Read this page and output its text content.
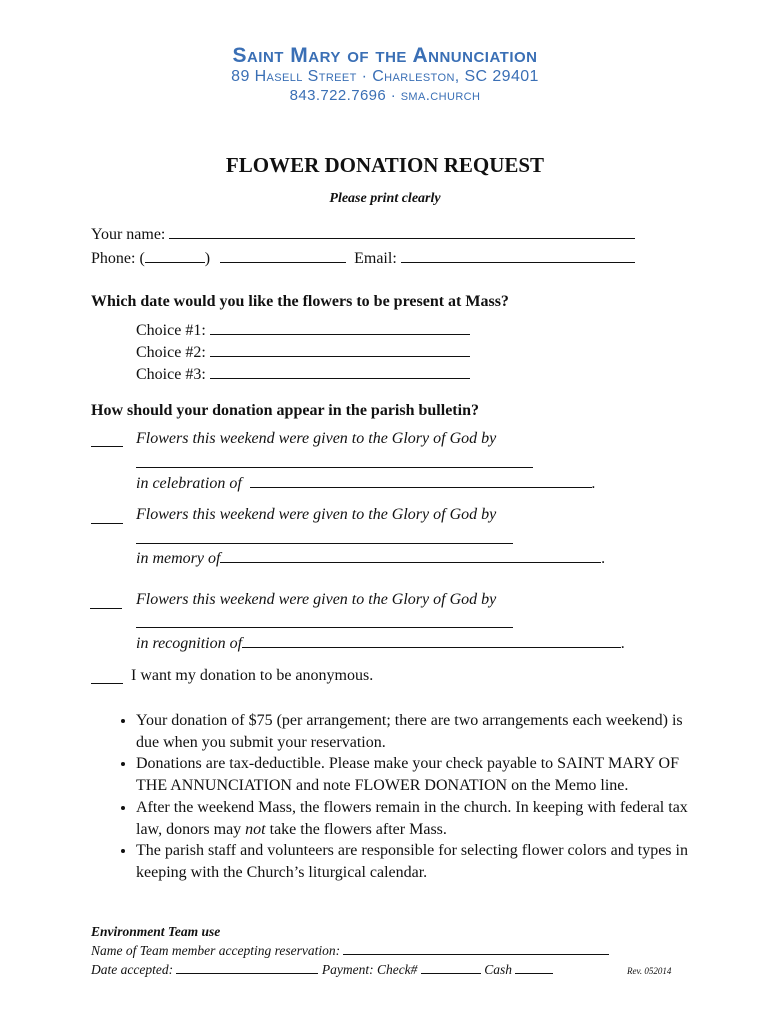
Saint Mary of the Annunciation
89 Hasell Street · Charleston, SC 29401
843.722.7696 · sma.church
FLOWER DONATION REQUEST
Please print clearly
Your name:
Phone: (	)	Email:
Which date would you like the flowers to be present at Mass?
Choice #1:
Choice #2:
Choice #3:
How should your donation appear in the parish bulletin?
Flowers this weekend were given to the Glory of God by
in celebration of	.
Flowers this weekend were given to the Glory of God by
in memory of	.
Flowers this weekend were given to the Glory of God by
in recognition of	.
I want my donation to be anonymous.
• Your donation of $75 (per arrangement; there are two arrangements each weekend) is due when you submit your reservation.
• Donations are tax-deductible. Please make your check payable to SAINT MARY OF THE ANNUNCIATION and note FLOWER DONATION on the Memo line.
• After the weekend Mass, the flowers remain in the church. In keeping with federal tax law, donors may not take the flowers after Mass.
• The parish staff and volunteers are responsible for selecting flower colors and types in keeping with the Church’s liturgical calendar.
Environment Team use
Name of Team member accepting reservation:
Date accepted:	Payment: Check#	Cash	Rev. 052014
